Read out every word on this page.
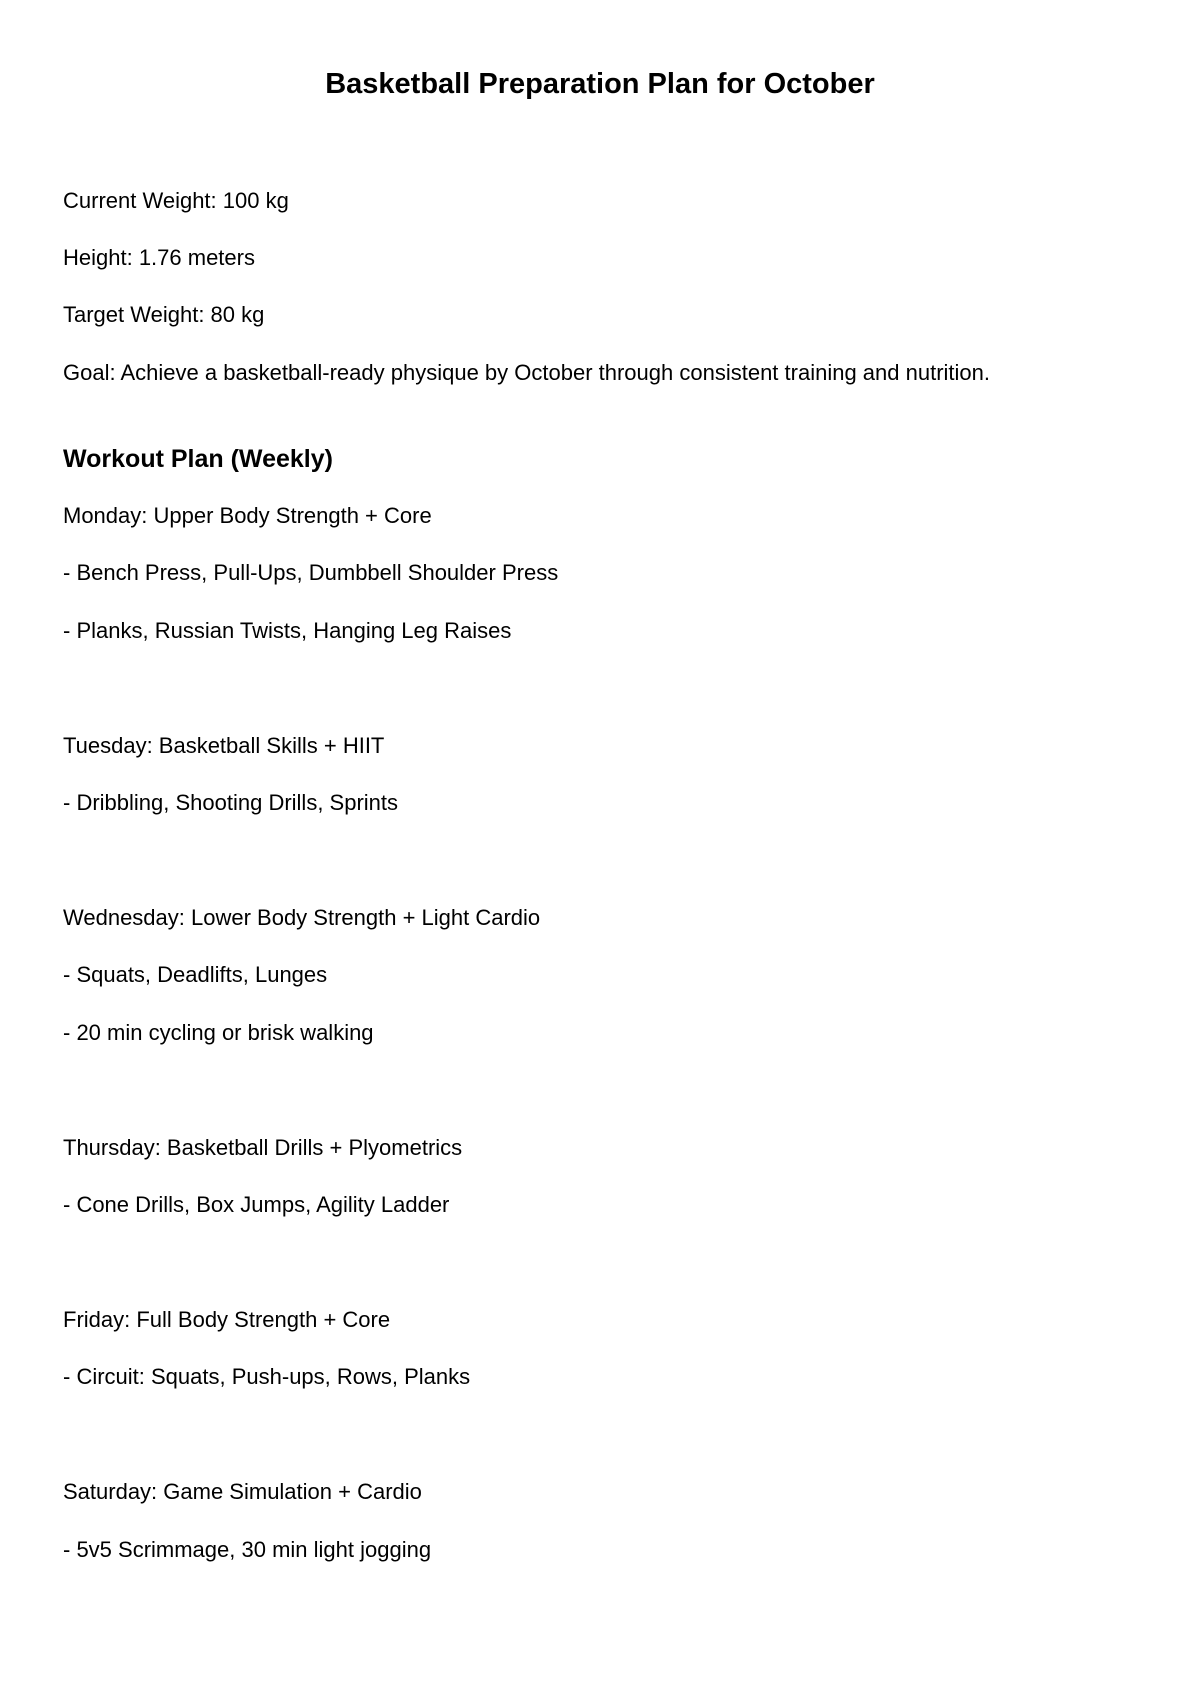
Basketball Preparation Plan for October

Current Weight: 100 kg

Height: 1.76 meters

Target Weight: 80 kg

Goal: Achieve a basketball-ready physique by October through consistent training and nutrition.

Workout Plan (Weekly)

Monday: Upper Body Strength + Core

- Bench Press, Pull-Ups, Dumbbell Shoulder Press

- Planks, Russian Twists, Hanging Leg Raises

Tuesday: Basketball Skills + HIIT

- Dribbling, Shooting Drills, Sprints

Wednesday: Lower Body Strength + Light Cardio

- Squats, Deadlifts, Lunges

- 20 min cycling or brisk walking

Thursday: Basketball Drills + Plyometrics

- Cone Drills, Box Jumps, Agility Ladder

Friday: Full Body Strength + Core

- Circuit: Squats, Push-ups, Rows, Planks

Saturday: Game Simulation + Cardio

- 5v5 Scrimmage, 30 min light jogging
